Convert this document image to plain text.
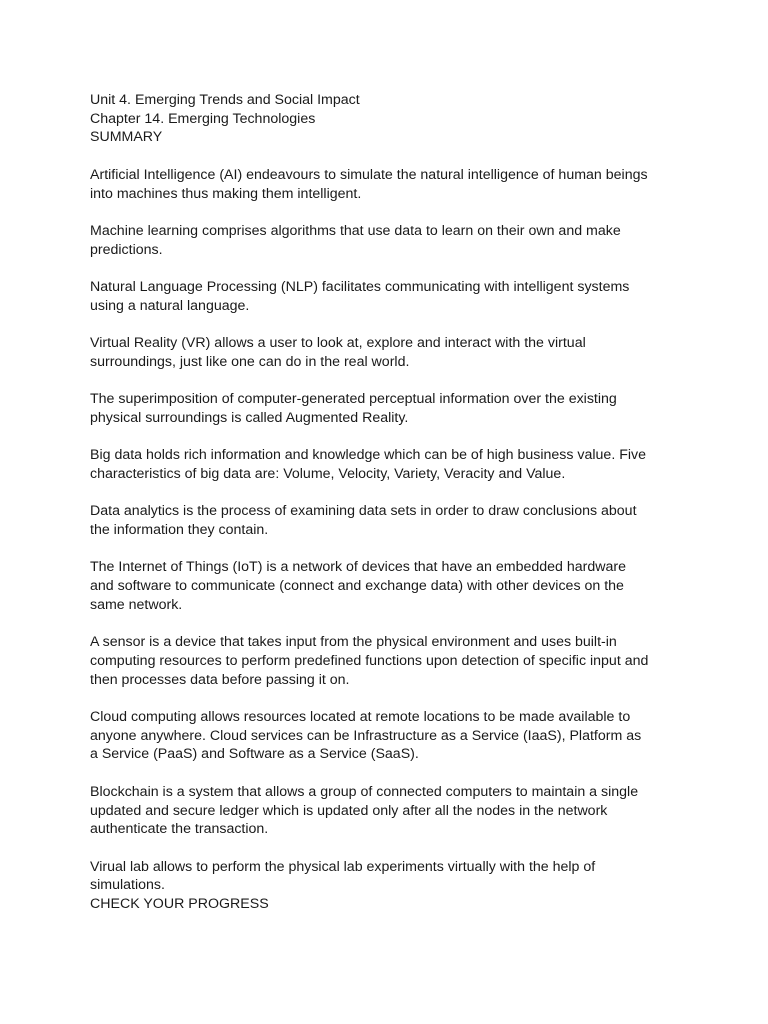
Unit 4. Emerging Trends and Social Impact
Chapter 14. Emerging Technologies
SUMMARY

Artificial Intelligence (AI) endeavours to simulate the natural intelligence of human beings into machines thus making them intelligent.

Machine learning comprises algorithms that use data to learn on their own and make predictions.

Natural Language Processing (NLP) facilitates communicating with intelligent systems using a natural language.

Virtual Reality (VR) allows a user to look at, explore and interact with the virtual surroundings, just like one can do in the real world.

The superimposition of computer-generated perceptual information over the existing physical surroundings is called Augmented Reality.

Big data holds rich information and knowledge which can be of high business value. Five characteristics of big data are: Volume, Velocity, Variety, Veracity and Value.

Data analytics is the process of examining data sets in order to draw conclusions about the information they contain.

The Internet of Things (IoT) is a network of devices that have an embedded hardware and software to communicate (connect and exchange data) with other devices on the same network.

A sensor is a device that takes input from the physical environment and uses built-in computing resources to perform predefined functions upon detection of specific input and then processes data before passing it on.

Cloud computing allows resources located at remote locations to be made available to anyone anywhere. Cloud services can be Infrastructure as a Service (IaaS), Platform as a Service (PaaS) and Software as a Service (SaaS).

Blockchain is a system that allows a group of connected computers to maintain a single updated and secure ledger which is updated only after all the nodes in the network authenticate the transaction.

Virual lab allows to perform the physical lab experiments virtually with the help of simulations.

CHECK YOUR PROGRESS
